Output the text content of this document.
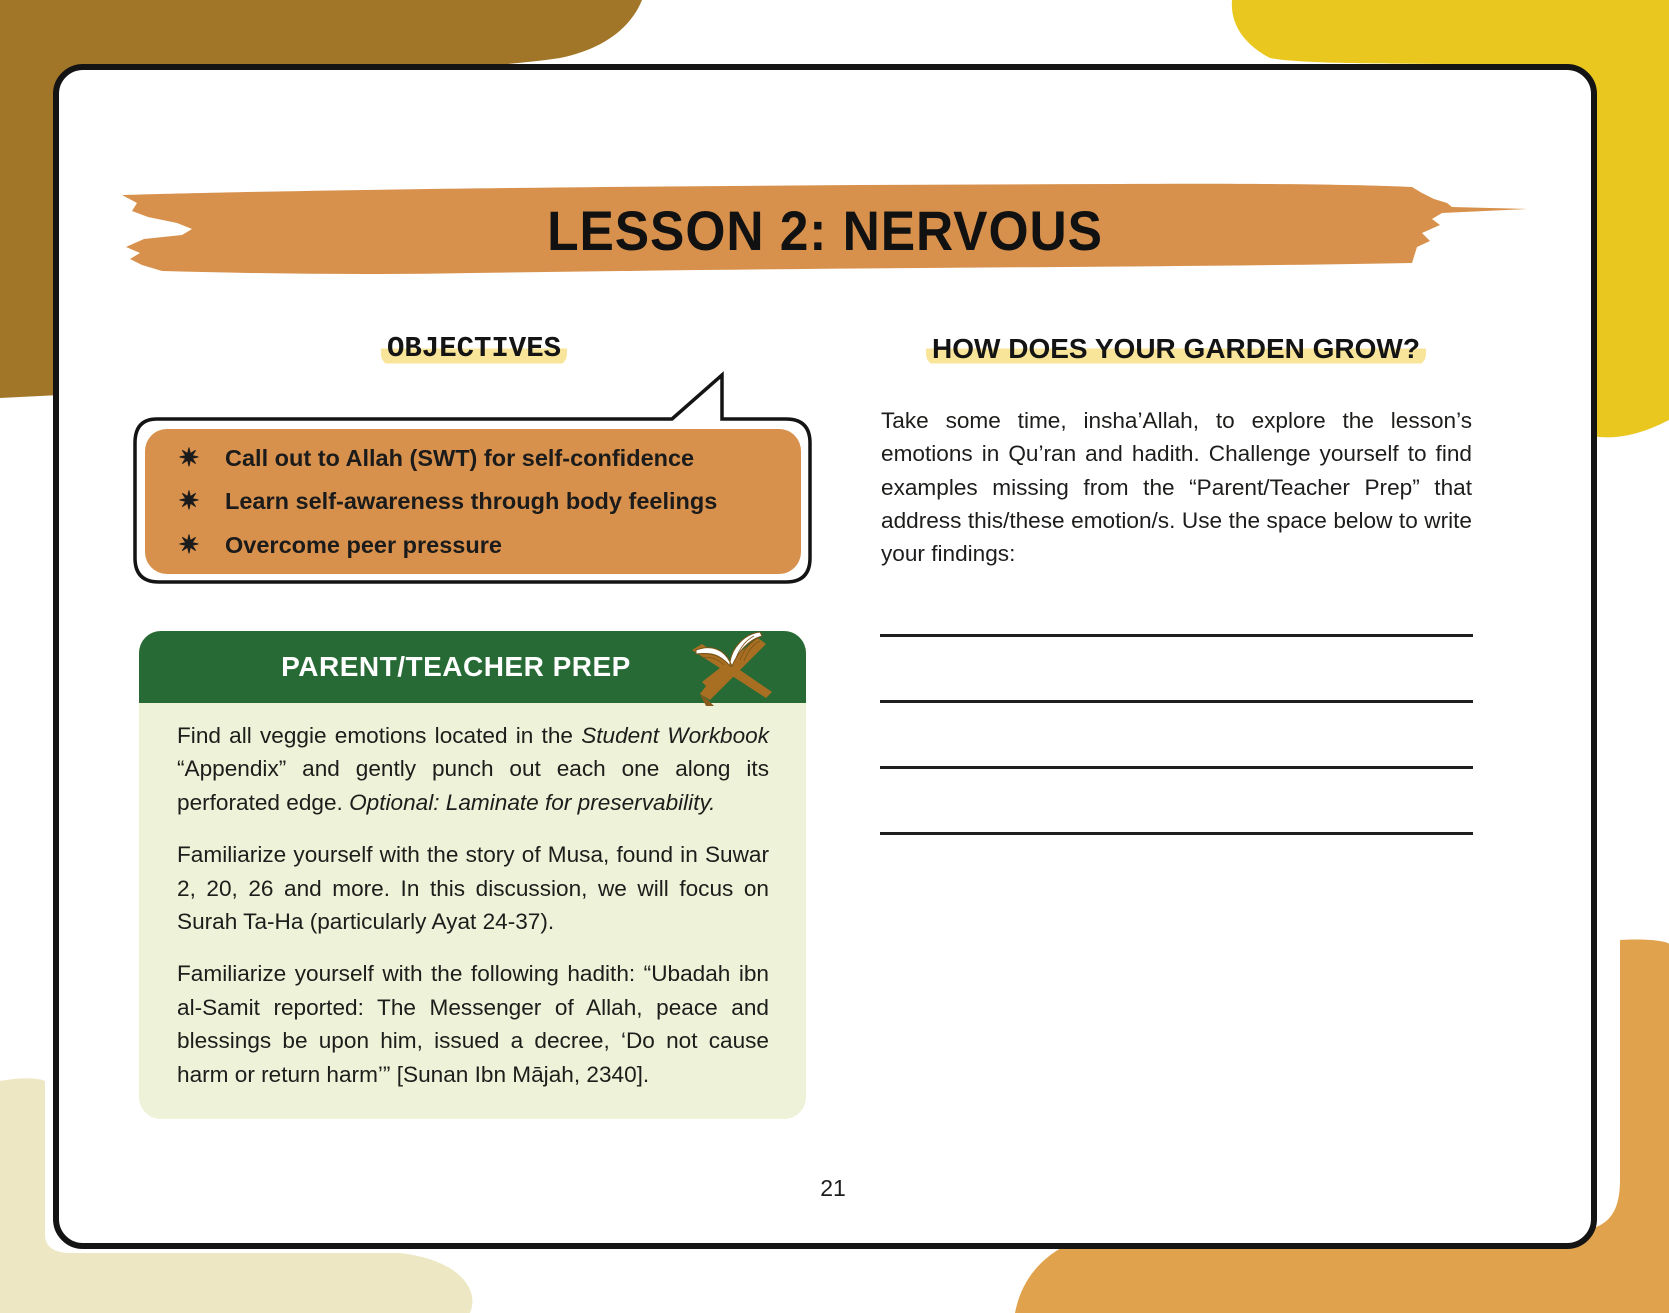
LESSON 2: NERVOUS
OBJECTIVES
✷ Call out to Allah (SWT) for self-confidence
✷ Learn self-awareness through body feelings
✷ Overcome peer pressure
PARENT/TEACHER PREP

Find all veggie emotions located in the Student Workbook “Appendix” and gently punch out each one along its perforated edge. Optional: Laminate for preservability.

Familiarize yourself with the story of Musa, found in Suwar 2, 20, 26 and more. In this discussion, we will focus on Surah Ta-Ha (particularly Ayat 24-37).

Familiarize yourself with the following hadith: “Ubadah ibn al-Samit reported: The Messenger of Allah, peace and blessings be upon him, issued a decree, ‘Do not cause harm or return harm’” [Sunan Ibn Mājah, 2340].

HOW DOES YOUR GARDEN GROW?

Take some time, insha’Allah, to explore the lesson’s emotions in Qu’ran and hadith. Challenge yourself to find examples missing from the “Parent/Teacher Prep” that address this/these emotion/s. Use the space below to write your findings:

21
